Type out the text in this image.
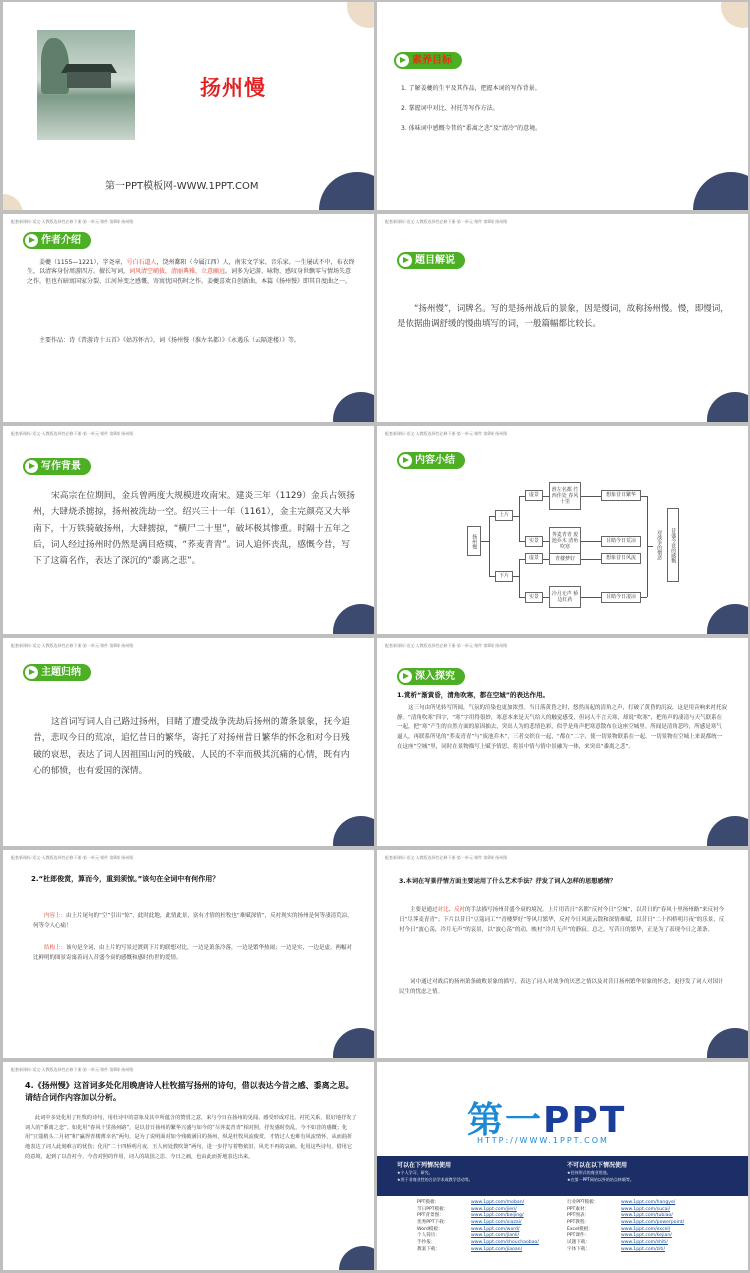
扬州慢
第一PPT模板网-WWW.1PPT.COM
素养目标
1. 了解姜夔的生平及其作品，把握本词的写作背景。
2. 掌握词中对比、衬托等写作方法。
3. 体味词中感慨今昔的“黍离之悲”及“清冷”的意境。
配套新课标·语文·人教版选择性必修下册·第一单元·课件 第8课 扬州慢
作者介绍
姜夔（1155—1221），字尧章，号白石道人，饶州鄱阳（今属江西）人，南宋文学家、音乐家。一生屡试不中，布衣终生，以清客身份周游四方。擅长写词，词风清空峭拔，清丽典雅，立意幽远。词多为记游、咏物、感叹身世飘零与情场失意之作，但也有暗寓国家分裂、江河异变之感慨，寄寓忧国伤时之作。姜夔喜欢自创新曲，本篇《扬州慢》即其自度曲之一。
主要作品：诗《昔游诗十五首》《姑苏怀古》，词《扬州慢（淮左名都）》《永遇乐（云隔迷楼）》等。
配套新课标·语文·人教版选择性必修下册·第一单元·课件 第8课 扬州慢
题目解说
“扬州慢”，词牌名。写的是扬州战后的景象，因是慢词，故称扬州慢。慢，即慢词，是依据曲调舒缓的慢曲填写的词，一般篇幅都比较长。
配套新课标·语文·人教版选择性必修下册·第一单元·课件 第8课 扬州慢
写作背景
宋高宗在位期间，金兵曾两度大规模进攻南宋。建炎三年（1129）金兵占领扬州，大肆烧杀掳掠，扬州被洗劫一空。绍兴三十一年（1161），金主完颜亮又大举南下，十万铁骑破扬州，大肆掳掠，“横尸二十里”，破坏极其惨重。时隔十五年之后，词人经过扬州时仍然是满目疮痍、“荞麦青青”。词人追怀丧乱，感慨今昔，写下了这篇名作，表达了深沉的“黍离之悲”。
配套新课标·语文·人教版选择性必修下册·第一单元·课件 第8课 扬州慢
内容小结
扬州慢
上片
下片
虚景
实景
虚景
实景
淮左名都 竹西佳处 春风十里
荠麦青青 废池乔木 清角吹寒
青楼梦好
冷月无声 桥边红药
想象昔日繁华
目睹今日荒凉
想象昔日风流
目睹今日凄凉
对战争的憎恶	昔盛今衰的感慨
配套新课标·语文·人教版选择性必修下册·第一单元·课件 第8课 扬州慢
主题归纳
这首词写词人自己路过扬州，目睹了遭受战争洗劫后扬州的萧条景象，抚今追昔，悲叹今日的荒凉，追忆昔日的繁华，寄托了对扬州昔日繁华的怀念和对今日残破的哀思，表达了词人因祖国山河的残破、人民的不幸而极其沉痛的心情，既有内心的郁愤，也有爱国的深情。
配套新课标·语文·人教版选择性必修下册·第一单元·课件 第8课 扬州慢
深入探究
1.赏析“渐黄昏，清角吹寒，都在空城”的表达作用。
这三句由所见转写所闻，气氛的渲染也更加浓烈。当日落黄昏之时，悠然而起的清角之声，打破了黄昏的沉寂，这是用音响来衬托寂静。“清角吹寒”四字，“寒”字用得很妙，寒意本来是天气给人的触觉感受，但词人不言天寒，却说“吹寒”，把角声的凄清与天气联系在一起，把“寒”产生的自然方面的原因抽去，突出人为的悲情色彩，似乎是角声把寒意散布在这座空城里。所闻是清角悲吟，所感是寒气逼人，再联系所见的“荞麦青青”与“废池乔木”，三者交织在一起，“都在”二字，使一切景物联系在一起，一切景物在空城上来说都统一在这座“空城”里，同时在景物描写上赋予情思，将景中情与情中景融为一体，来突出“黍离之悲”。
配套新课标·语文·人教版选择性必修下册·第一单元·课件 第8课 扬州慢
2.“杜郎俊赏，算而今，重到须惊。”该句在全词中有何作用？
内容上：由上片尾句的“空”引出“惊”，此时此地，此情此景，富有才情的杜牧也“难赋深情”，反衬现实的扬州是何等凄清荒凉，何等令人心痛！
结构上：该句是全词，由上片的写景过渡到下片的联想对比，一边是萧条冷落，一边是繁华热闹；一边是实，一边是虚。两幅对比鲜明的图景寄寓着词人昔盛今衰的感慨和感时伤世的爱情。
配套新课标·语文·人教版选择性必修下册·第一单元·课件 第8课 扬州慢
3.本词在写景抒情方面主要运用了什么艺术手法？抒发了词人怎样的思想感情？
主要是通过对比、反衬的手法描写扬州昔盛今衰的境况。上片用昔日“名都”反衬今日“空城”，以昔日的“春风十里扬州路”来反衬今日“尽荠麦青青”；下片以昔日“豆蔻词工”“青楼梦好”等风月繁华，反衬今日风流云散和深情难赋，以昔日“二十四桥明月夜”的乐景，反衬今日“波心荡，冷月无声”的哀景，以“波心荡”的动，映衬“冷月无声”的静寂。总之，写昔日的繁华，正是为了表现今日之萧条。
词中通过对战后的扬州萧条破败景象的描写，表达了词人对战争的厌恶之情以及对昔日扬州繁华景象的怀念，更抒发了词人对国计民生的忧虑之情。
配套新课标·语文·人教版选择性必修下册·第一单元·课件 第8课 扬州慢
4.《扬州慢》这首词多处化用晚唐诗人杜牧描写扬州的诗句，借以表达今昔之感、黍离之思。请结合词作内容加以分析。
此词中多处化用了杜牧的诗句，用杜诗中的意象及其中所蕴含的赞赏之意，来与今日在扬州的见闻、感受形成对比、衬托关系，很好地抒发了词人的“黍离之悲”。如化用“春风十里扬州路”，是以昔日扬州的繁华兴盛与如今的“尽荠麦青青”相对照，抒发感时伤乱。今不如昔的感慨；化用“豆蔻梢头二月初”和“赢得青楼薄幸名”两句，是为了说明面对如今残破满目的扬州，纵是杜牧风流俊赏，才情过人也难有风流情怀，从而曲折地表达了词人此刻难言的忧伤；化用“二十四桥明月夜，玉人何处教吹箫”两句，进一步抒写着物依旧、风光不再的哀痛。化用这些诗句，借用它的意境，起到了以昔衬今、今昔对照的作用，词人的故国之思、今日之痛，也由此而折地表达出来。
第一PPT
HTTP://WWW.1PPT.COM
可以在下列情况使用
★个人学习、研究。
★用于非商业性的合法学术或教学活动等。
不可以在以下情况使用
★任何形式的商业用途。
★在第一PPT网站以外的站点转载等。
PPT模板：	www.1ppt.com/moban/
节日PPT模板：	www.1ppt.com/jieri/
PPT背景图：	www.1ppt.com/beijing/
优秀PPT下载：	www.1ppt.com/xiazai/
Word模板：	www.1ppt.com/word/
个人简历：	www.1ppt.com/jianli/
手抄报：	www.1ppt.com/shouchaobao/
教案下载：	www.1ppt.com/jiaoan/
行业PPT模板：	www.1ppt.com/hangye/
PPT素材：	www.1ppt.com/sucai/
PPT图表：	www.1ppt.com/tubiao/
PPT教程：	www.1ppt.com/powerpoint/
Excel模板：	www.1ppt.com/excel/
PPT课件：	www.1ppt.com/kejian/
试题下载：	www.1ppt.com/shiti/
字体下载：	www.1ppt.com/ziti/
